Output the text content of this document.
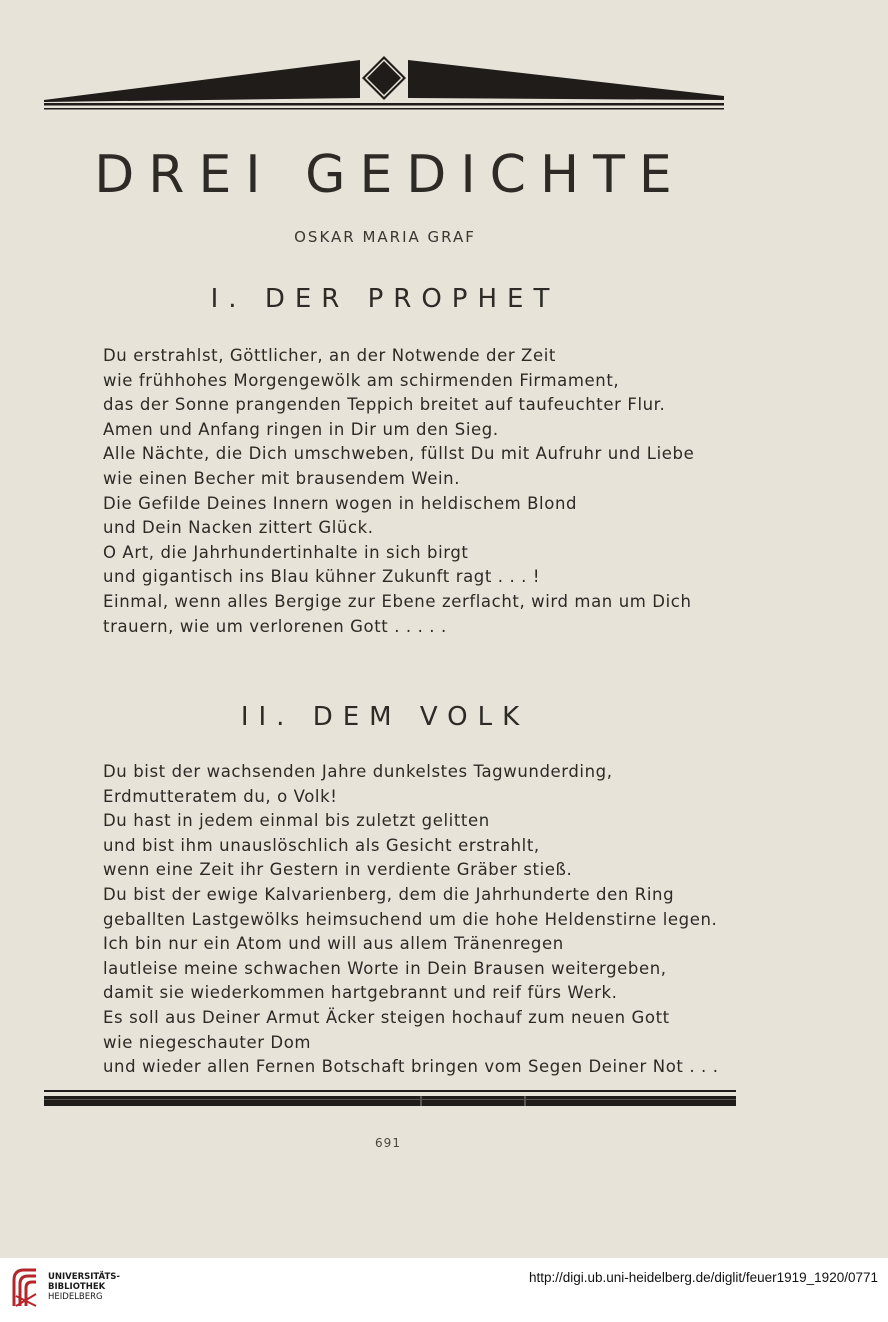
DREI GEDICHTE
OSKAR MARIA GRAF
I. DER PROPHET
Du erstrahlst, Göttlicher, an der Notwende der Zeit
wie frühhohes Morgengewölk am schirmenden Firmament,
das der Sonne prangenden Teppich breitet auf taufeuchter Flur.
Amen und Anfang ringen in Dir um den Sieg.
Alle Nächte, die Dich umschweben, füllst Du mit Aufruhr und Liebe
wie einen Becher mit brausendem Wein.
Die Gefilde Deines Innern wogen in heldischem Blond
und Dein Nacken zittert Glück.
O Art, die Jahrhundertinhalte in sich birgt
und gigantisch ins Blau kühner Zukunft ragt . . . !
Einmal, wenn alles Bergige zur Ebene zerflacht, wird man um Dich
trauern, wie um verlorenen Gott . . . . .
II. DEM VOLK
Du bist der wachsenden Jahre dunkelstes Tagwunderding,
Erdmutteratem du, o Volk!
Du hast in jedem einmal bis zuletzt gelitten
und bist ihm unauslöschlich als Gesicht erstrahlt,
wenn eine Zeit ihr Gestern in verdiente Gräber stieß.
Du bist der ewige Kalvarienberg, dem die Jahrhunderte den Ring
geballten Lastgewölks heimsuchend um die hohe Heldenstirne legen.
Ich bin nur ein Atom und will aus allem Tränenregen
lautleise meine schwachen Worte in Dein Brausen weitergeben,
damit sie wiederkommen hartgebrannt und reif fürs Werk.
Es soll aus Deiner Armut Äcker steigen hochauf zum neuen Gott
wie niegeschauter Dom
und wieder allen Fernen Botschaft bringen vom Segen Deiner Not . . .
691
UNIVERSITÄTS-
BIBLIOTHEK
HEIDELBERG
http://digi.ub.uni-heidelberg.de/diglit/feuer1919_1920/0771
